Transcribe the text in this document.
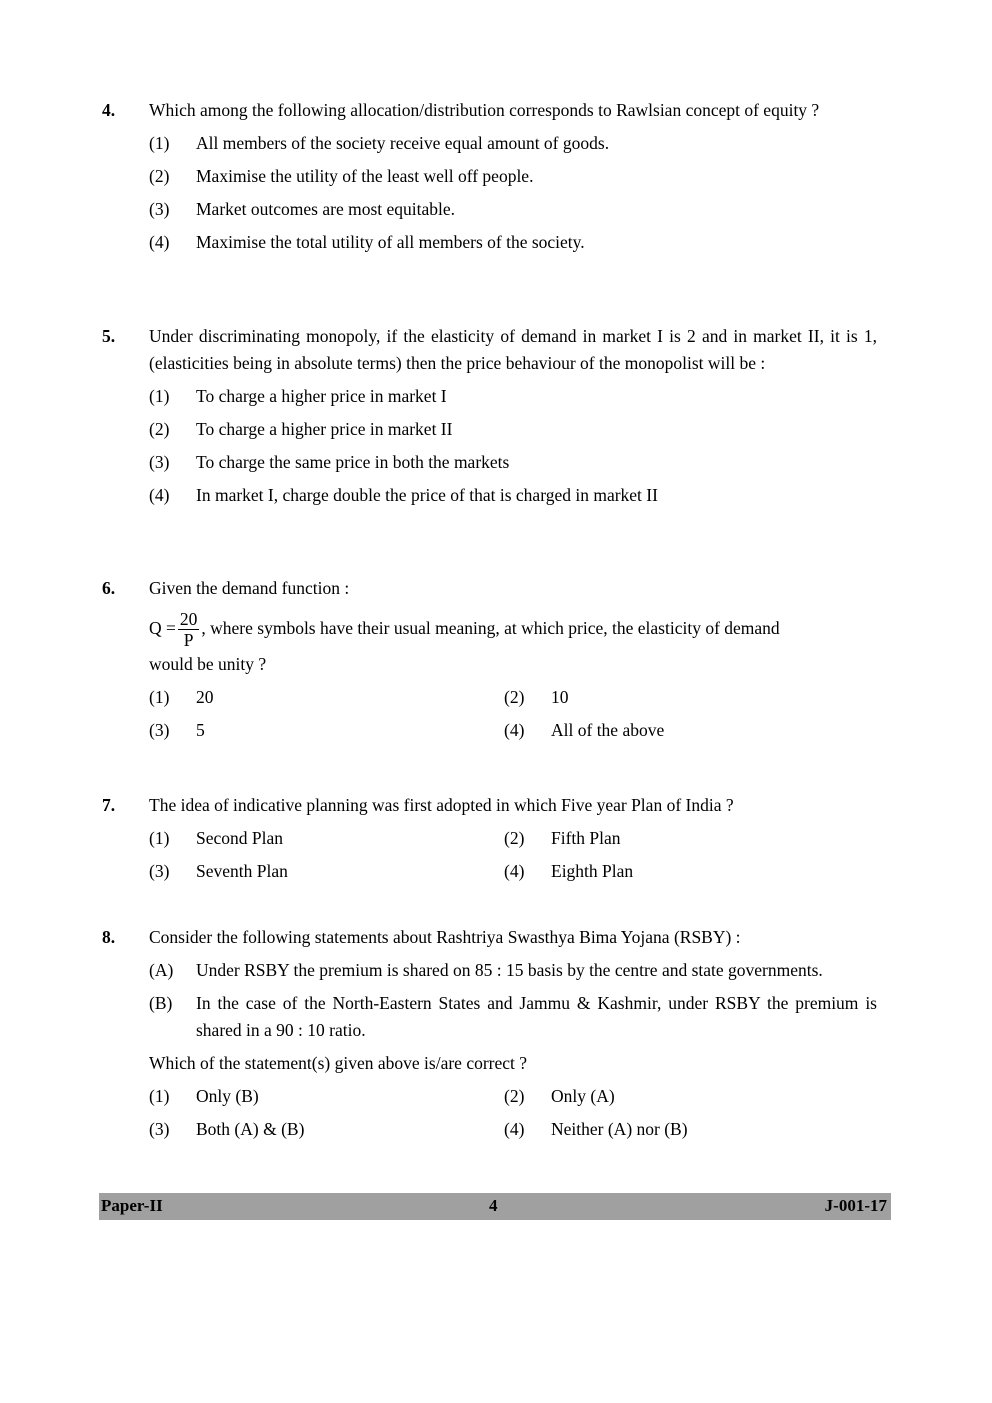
4. Which among the following allocation/distribution corresponds to Rawlsian concept of equity ?
(1) All members of the society receive equal amount of goods.
(2) Maximise the utility of the least well off people.
(3) Market outcomes are most equitable.
(4) Maximise the total utility of all members of the society.
5. Under discriminating monopoly, if the elasticity of demand in market I is 2 and in market II, it is 1, (elasticities being in absolute terms) then the price behaviour of the monopolist will be :
(1) To charge a higher price in market I
(2) To charge a higher price in market II
(3) To charge the same price in both the markets
(4) In market I, charge double the price of that is charged in market II
6. Given the demand function :
$Q = \frac{20}{P}$ , where symbols have their usual meaning, at which price, the elasticity of demand
would be unity ?
(1) 20	(2) 10
(3) 5	(4) All of the above
7. The idea of indicative planning was first adopted in which Five year Plan of India ?
(1) Second Plan	(2) Fifth Plan
(3) Seventh Plan	(4) Eighth Plan
8. Consider the following statements about Rashtriya Swasthya Bima Yojana (RSBY) :
(A) Under RSBY the premium is shared on 85 : 15 basis by the centre and state governments.
(B) In the case of the North-Eastern States and Jammu & Kashmir, under RSBY the premium is shared in a 90 : 10 ratio.
Which of the statement(s) given above is/are correct ?
(1) Only (B)	(2) Only (A)
(3) Both (A) & (B)	(4) Neither (A) nor (B)
Paper-II	4	J-001-17
